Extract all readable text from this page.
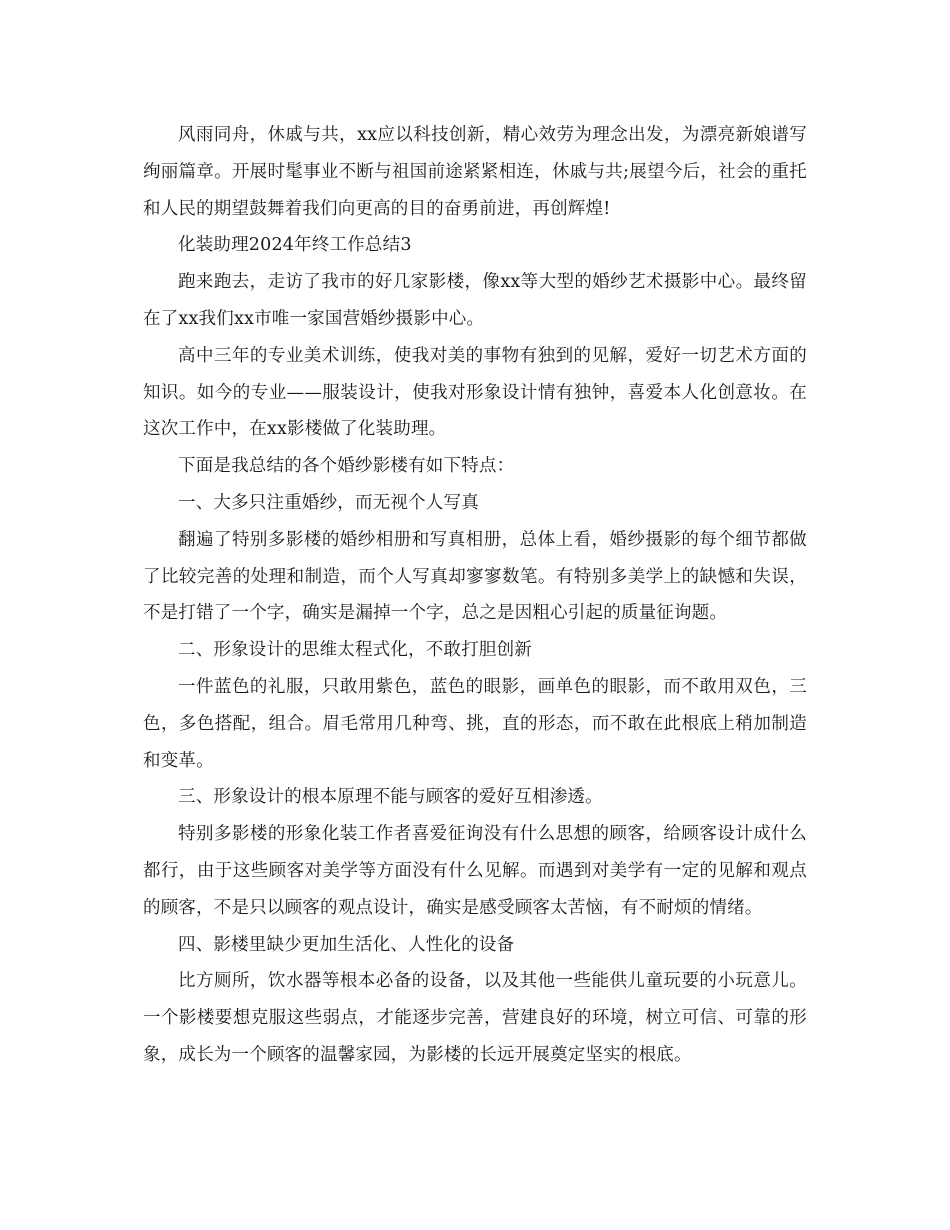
风雨同舟，休戚与共，xx应以科技创新，精心效劳为理念出发，为漂亮新娘谱写绚丽篇章。开展时髦事业不断与祖国前途紧紧相连，休戚与共;展望今后，社会的重托和人民的期望鼓舞着我们向更高的目的奋勇前进，再创辉煌!

化装助理2024年终工作总结3

跑来跑去，走访了我市的好几家影楼，像xx等大型的婚纱艺术摄影中心。最终留在了xx我们xx市唯一家国营婚纱摄影中心。

高中三年的专业美术训练，使我对美的事物有独到的见解，爱好一切艺术方面的知识。如今的专业——服装设计，使我对形象设计情有独钟，喜爱本人化创意妆。在这次工作中，在xx影楼做了化装助理。

下面是我总结的各个婚纱影楼有如下特点：

一、大多只注重婚纱，而无视个人写真

翻遍了特别多影楼的婚纱相册和写真相册，总体上看，婚纱摄影的每个细节都做了比较完善的处理和制造，而个人写真却寥寥数笔。有特别多美学上的缺憾和失误，不是打错了一个字，确实是漏掉一个字，总之是因粗心引起的质量征询题。

二、形象设计的思维太程式化，不敢打胆创新

一件蓝色的礼服，只敢用紫色，蓝色的眼影，画单色的眼影，而不敢用双色，三色，多色搭配，组合。眉毛常用几种弯、挑，直的形态，而不敢在此根底上稍加制造和变革。

三、形象设计的根本原理不能与顾客的爱好互相渗透。

特别多影楼的形象化装工作者喜爱征询没有什么思想的顾客，给顾客设计成什么都行，由于这些顾客对美学等方面没有什么见解。而遇到对美学有一定的见解和观点的顾客，不是只以顾客的观点设计，确实是感受顾客太苦恼，有不耐烦的情绪。

四、影楼里缺少更加生活化、人性化的设备

比方厕所，饮水器等根本必备的设备，以及其他一些能供儿童玩要的小玩意儿。一个影楼要想克服这些弱点，才能逐步完善，营建良好的环境，树立可信、可靠的形象，成长为一个顾客的温馨家园，为影楼的长远开展奠定坚实的根底。
